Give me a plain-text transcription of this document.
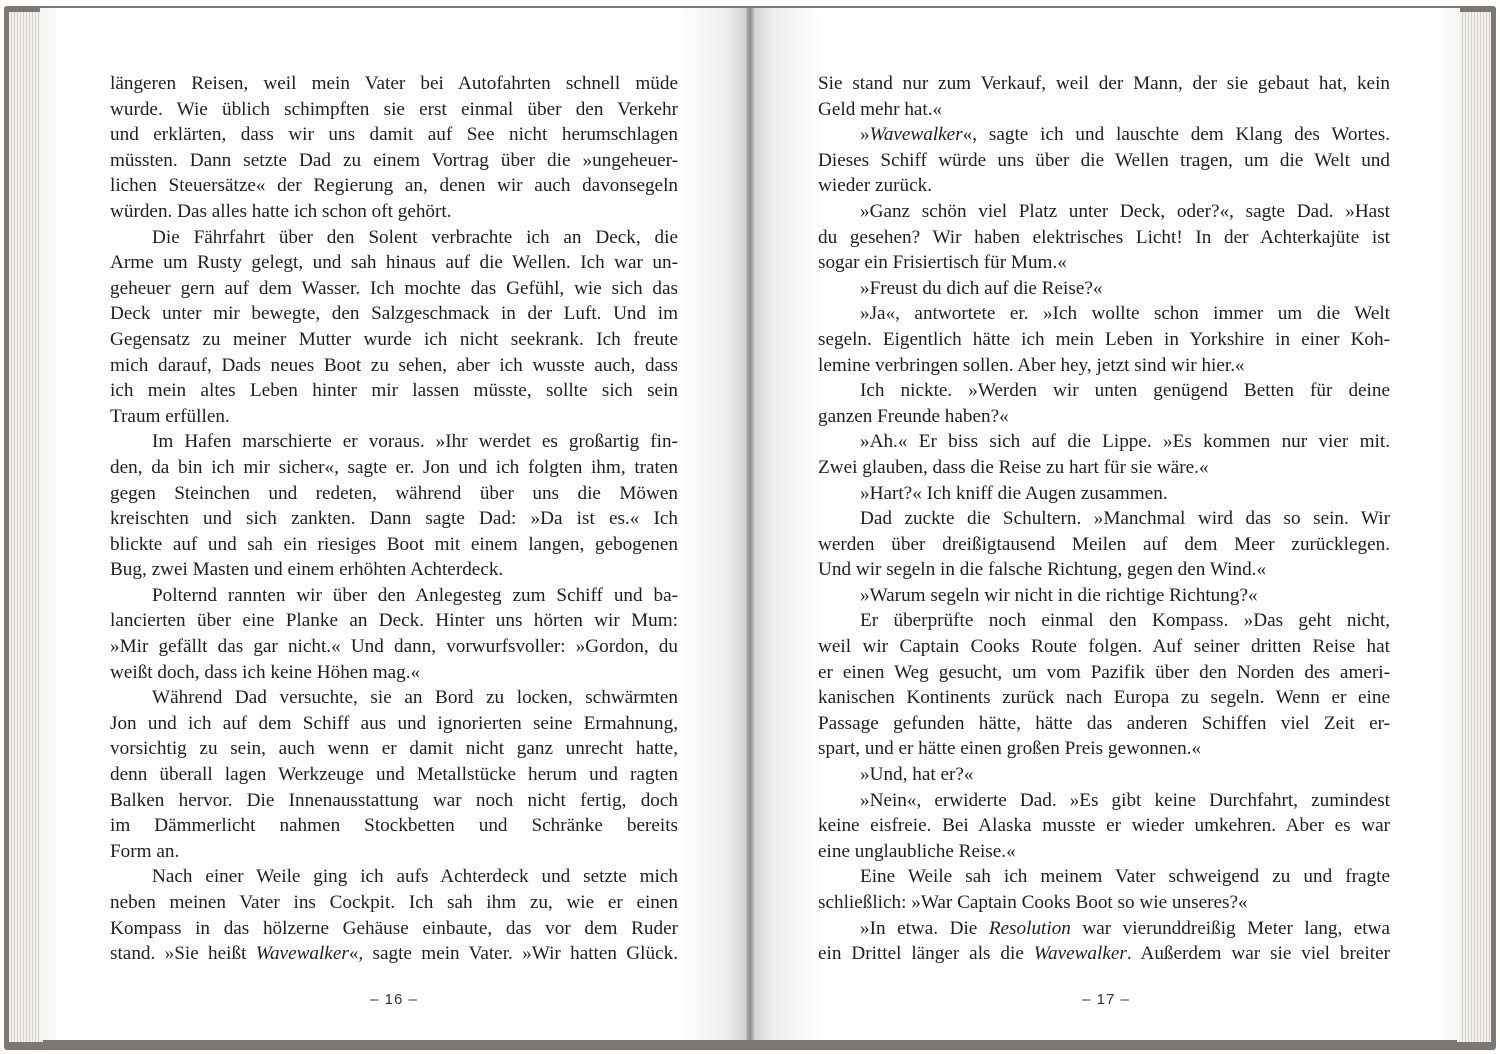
längeren Reisen, weil mein Vater bei Autofahrten schnell müde
wurde. Wie üblich schimpften sie erst einmal über den Verkehr
und erklärten, dass wir uns damit auf See nicht herumschlagen
müssten. Dann setzte Dad zu einem Vortrag über die »ungeheuer-
lichen Steuersätze« der Regierung an, denen wir auch davonsegeln
würden. Das alles hatte ich schon oft gehört.
Die Fährfahrt über den Solent verbrachte ich an Deck, die
Arme um Rusty gelegt, und sah hinaus auf die Wellen. Ich war un-
geheuer gern auf dem Wasser. Ich mochte das Gefühl, wie sich das
Deck unter mir bewegte, den Salzgeschmack in der Luft. Und im
Gegensatz zu meiner Mutter wurde ich nicht seekrank. Ich freute
mich darauf, Dads neues Boot zu sehen, aber ich wusste auch, dass
ich mein altes Leben hinter mir lassen müsste, sollte sich sein
Traum erfüllen.
Im Hafen marschierte er voraus. »Ihr werdet es großartig fin-
den, da bin ich mir sicher«, sagte er. Jon und ich folgten ihm, traten
gegen Steinchen und redeten, während über uns die Möwen
kreischten und sich zankten. Dann sagte Dad: »Da ist es.« Ich
blickte auf und sah ein riesiges Boot mit einem langen, gebogenen
Bug, zwei Masten und einem erhöhten Achterdeck.
Polternd rannten wir über den Anlegesteg zum Schiff und ba-
lancierten über eine Planke an Deck. Hinter uns hörten wir Mum:
»Mir gefällt das gar nicht.« Und dann, vorwurfsvoller: »Gordon, du
weißt doch, dass ich keine Höhen mag.«
Während Dad versuchte, sie an Bord zu locken, schwärmten
Jon und ich auf dem Schiff aus und ignorierten seine Ermahnung,
vorsichtig zu sein, auch wenn er damit nicht ganz unrecht hatte,
denn überall lagen Werkzeuge und Metallstücke herum und ragten
Balken hervor. Die Innenausstattung war noch nicht fertig, doch
im Dämmerlicht nahmen Stockbetten und Schränke bereits
Form an.
Nach einer Weile ging ich aufs Achterdeck und setzte mich
neben meinen Vater ins Cockpit. Ich sah ihm zu, wie er einen
Kompass in das hölzerne Gehäuse einbaute, das vor dem Ruder
stand. »Sie heißt Wavewalker«, sagte mein Vater. »Wir hatten Glück.
– 16 –
Sie stand nur zum Verkauf, weil der Mann, der sie gebaut hat, kein
Geld mehr hat.«
»Wavewalker«, sagte ich und lauschte dem Klang des Wortes.
Dieses Schiff würde uns über die Wellen tragen, um die Welt und
wieder zurück.
»Ganz schön viel Platz unter Deck, oder?«, sagte Dad. »Hast
du gesehen? Wir haben elektrisches Licht! In der Achterkajüte ist
sogar ein Frisiertisch für Mum.«
»Freust du dich auf die Reise?«
»Ja«, antwortete er. »Ich wollte schon immer um die Welt
segeln. Eigentlich hätte ich mein Leben in Yorkshire in einer Koh-
lemine verbringen sollen. Aber hey, jetzt sind wir hier.«
Ich nickte. »Werden wir unten genügend Betten für deine
ganzen Freunde haben?«
»Ah.« Er biss sich auf die Lippe. »Es kommen nur vier mit.
Zwei glauben, dass die Reise zu hart für sie wäre.«
»Hart?« Ich kniff die Augen zusammen.
Dad zuckte die Schultern. »Manchmal wird das so sein. Wir
werden über dreißigtausend Meilen auf dem Meer zurücklegen.
Und wir segeln in die falsche Richtung, gegen den Wind.«
»Warum segeln wir nicht in die richtige Richtung?«
Er überprüfte noch einmal den Kompass. »Das geht nicht,
weil wir Captain Cooks Route folgen. Auf seiner dritten Reise hat
er einen Weg gesucht, um vom Pazifik über den Norden des ameri-
kanischen Kontinents zurück nach Europa zu segeln. Wenn er eine
Passage gefunden hätte, hätte das anderen Schiffen viel Zeit er-
spart, und er hätte einen großen Preis gewonnen.«
»Und, hat er?«
»Nein«, erwiderte Dad. »Es gibt keine Durchfahrt, zumindest
keine eisfreie. Bei Alaska musste er wieder umkehren. Aber es war
eine unglaubliche Reise.«
Eine Weile sah ich meinem Vater schweigend zu und fragte
schließlich: »War Captain Cooks Boot so wie unseres?«
»In etwa. Die Resolution war vierunddreißig Meter lang, etwa
ein Drittel länger als die Wavewalker. Außerdem war sie viel breiter
– 17 –
